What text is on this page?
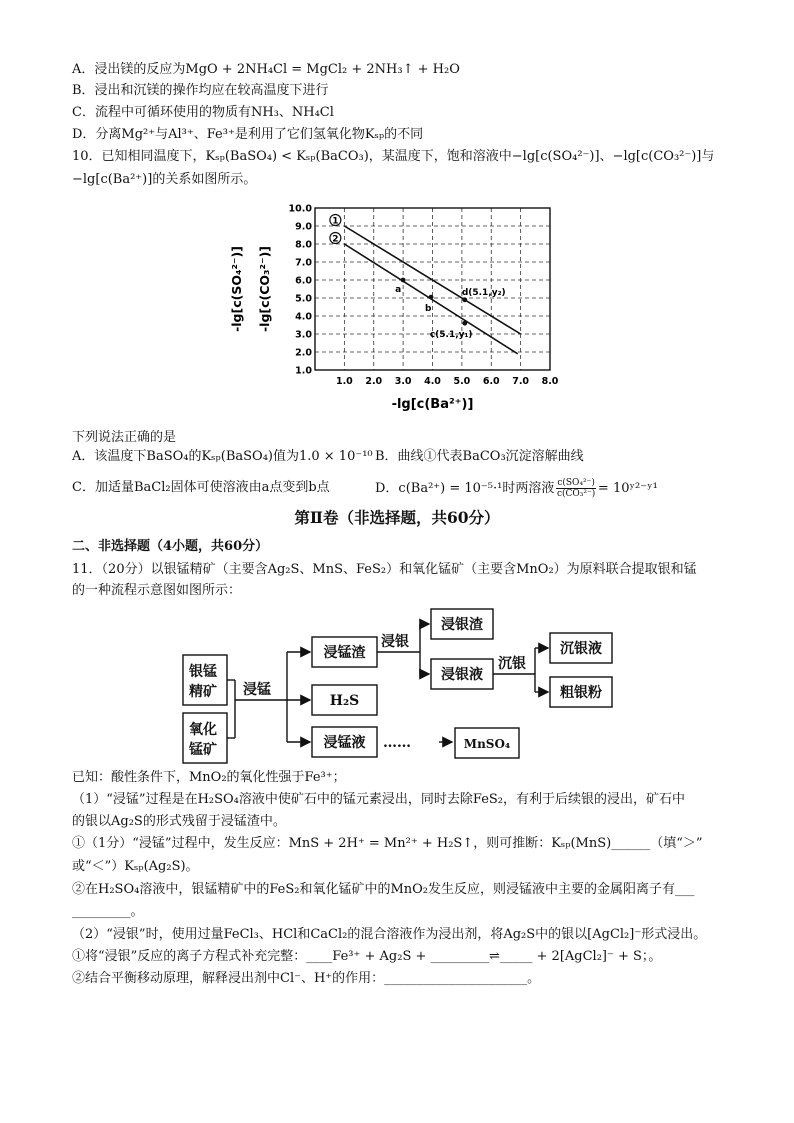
A．浸出镁的反应为MgO + 2NH₄Cl = MgCl₂ + 2NH₃↑ + H₂O
B．浸出和沉镁的操作均应在较高温度下进行
C．流程中可循环使用的物质有NH₃、NH₄Cl
D．分离Mg²⁺与Al³⁺、Fe³⁺是利用了它们氢氧化物Kₛₚ的不同
10．已知相同温度下，Kₛₚ(BaSO₄) < Kₛₚ(BaCO₃)，某温度下，饱和溶液中−lg[c(SO₄²⁻)]、−lg[c(CO₃²⁻)]与
−lg[c(Ba²⁺)]的关系如图所示。
1.0 2.0 3.0 4.0 5.0 6.0 7.0 8.0
1.0
2.0
3.0
4.0
5.0
6.0
7.0
8.0
9.0
10.0
-lg[c(Ba²⁺)]
-lg[c(SO₄²⁻)] -lg[c(CO₃²⁻)]
1
2
a
b
d(5.1,y₂)
c(5.1,y₁)
下列说法正确的是
A．该温度下BaSO₄的Kₛₚ(BaSO₄)值为1.0 × 10⁻¹⁰ B．曲线①代表BaCO₃沉淀溶解曲线
C．加适量BaCl₂固体可使溶液由a点变到b点	D．c(Ba²⁺) = 10⁻⁵·¹时两溶液 $\frac{\text{c(SO₄²⁻)}}{\text{c(CO₃²⁻)}}$ = 10ʸ²⁻ʸ¹
第Ⅱ卷（非选择题，共60分）
二、非选择题（4小题，共60分）
11．（20分）以银锰精矿（主要含Ag₂S、MnS、FeS₂）和氧化锰矿（主要含MnO₂）为原料联合提取银和锰
的一种流程示意图如图所示：
银锰
精矿
氧化
锰矿
浸锰
浸锰渣
H₂S
浸锰液
浸银
浸银渣
浸银液
沉银
沉银液
粗银粉
……	MnSO₄
已知：酸性条件下，MnO₂的氧化性强于Fe³⁺；
（1）“浸锰”过程是在H₂SO₄溶液中使矿石中的锰元素浸出，同时去除FeS₂，有利于后续银的浸出，矿石中
的银以Ag₂S的形式残留于浸锰渣中。
①（1分）“浸锰”过程中，发生反应：MnS + 2H⁺ = Mn²⁺ + H₂S↑，则可推断：Kₛₚ(MnS)______（填“＞”
或“＜”）Kₛₚ(Ag₂S)。
②在H₂SO₄溶液中，银锰精矿中的FeS₂和氧化锰矿中的MnO₂发生反应，则浸锰液中主要的金属阳离子有___
_________。
（2）“浸银”时，使用过量FeCl₃、HCl和CaCl₂的混合溶液作为浸出剂，将Ag₂S中的银以[AgCl₂]⁻形式浸出。
①将“浸银”反应的离子方程式补充完整：____Fe³⁺ + Ag₂S + _________⇌_____ + 2[AgCl₂]⁻ + S；。
②结合平衡移动原理，解释浸出剂中Cl⁻、H⁺的作用：______________________。
